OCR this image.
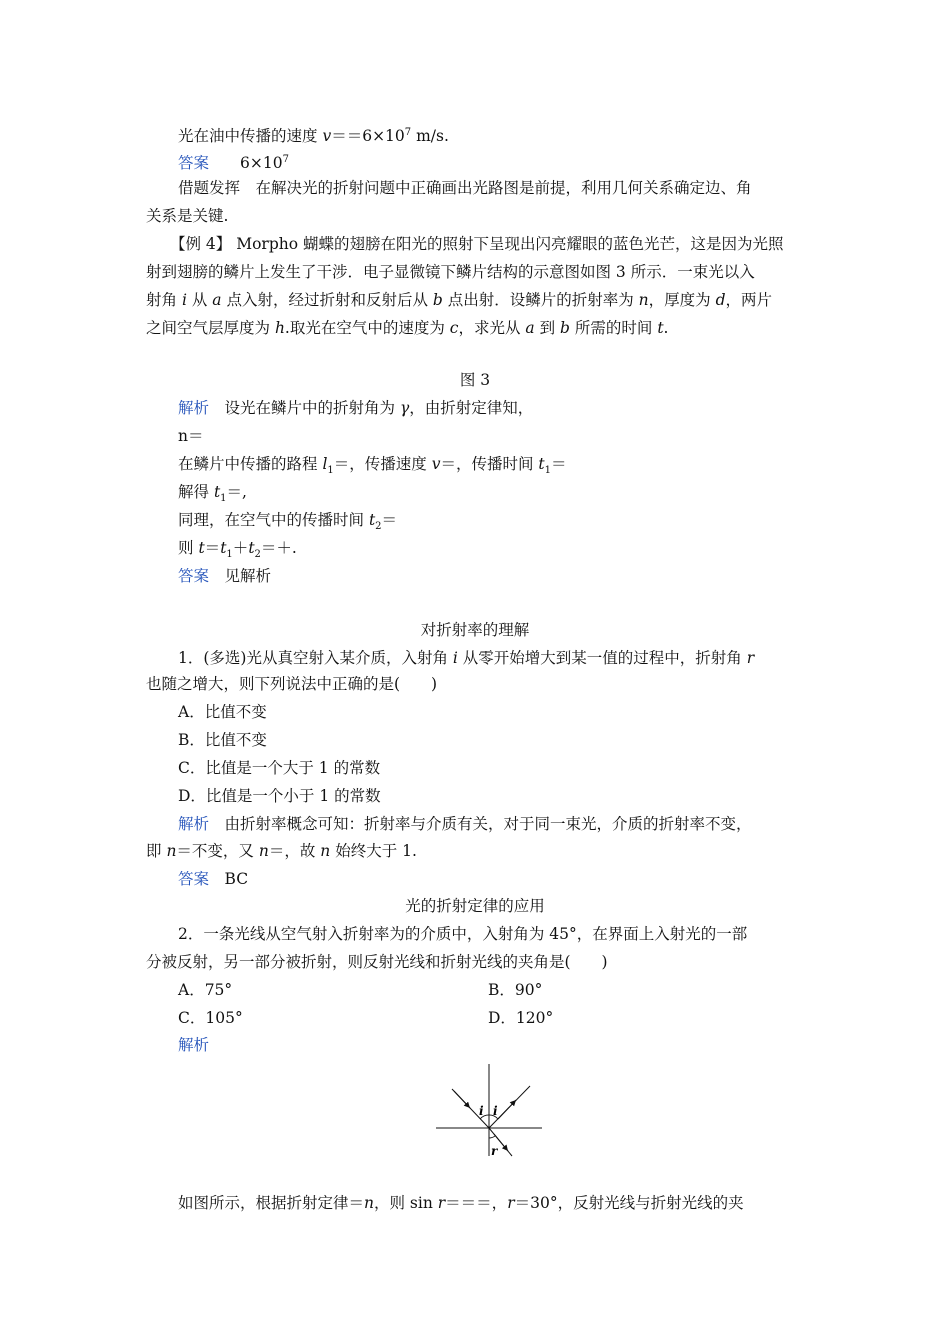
光在油中传播的速度 $v==6\times 10^7$ m/s.
答案　　 $6\times 10^7$
借题发挥　在解决光的折射问题中正确画出光路图是前提，利用几何关系确定边、角
关系是关键.
【例 4】 Morpho 蝴蝶的翅膀在阳光的照射下呈现出闪亮耀眼的蓝色光芒，这是因为光照
射到翅膀的鳞片上发生了干涉．电子显微镜下鳞片结构的示意图如图 3 所示．一束光以入
射角 i 从 a 点入射，经过折射和反射后从 b 点出射．设鳞片的折射率为 n，厚度为 d，两片
之间空气层厚度为 h.取光在空气中的速度为 c，求光从 a 到 b 所需的时间 t.
图 3
解析　设光在鳞片中的折射角为 γ，由折射定律知，
n＝
在鳞片中传播的路程 $l_1=$，传播速度 v＝，传播时间 $t_1=$
解得 $t_1=$,
同理，在空气中的传播时间 $t_2=$
则 $t=t_1+t_2=+$.
答案　见解析
对折射率的理解
1．(多选)光从真空射入某介质，入射角 i 从零开始增大到某一值的过程中，折射角 r
也随之增大，则下列说法中正确的是(　　)
A．比值不变
B．比值不变
C．比值是一个大于 1 的常数
D．比值是一个小于 1 的常数
解析　由折射率概念可知：折射率与介质有关，对于同一束光，介质的折射率不变，
即 n＝不变，又 n＝，故 n 始终大于 1.
答案　BC
光的折射定律的应用
2．一条光线从空气射入折射率为的介质中，入射角为 45°，在界面上入射光的一部
分被反射，另一部分被折射，则反射光线和折射光线的夹角是(　　)
A．75°	B．90°
C．105°	D．120°
解析
i i
r
如图所示，根据折射定律＝n，则 sin r＝＝＝，r＝30°，反射光线与折射光线的夹
